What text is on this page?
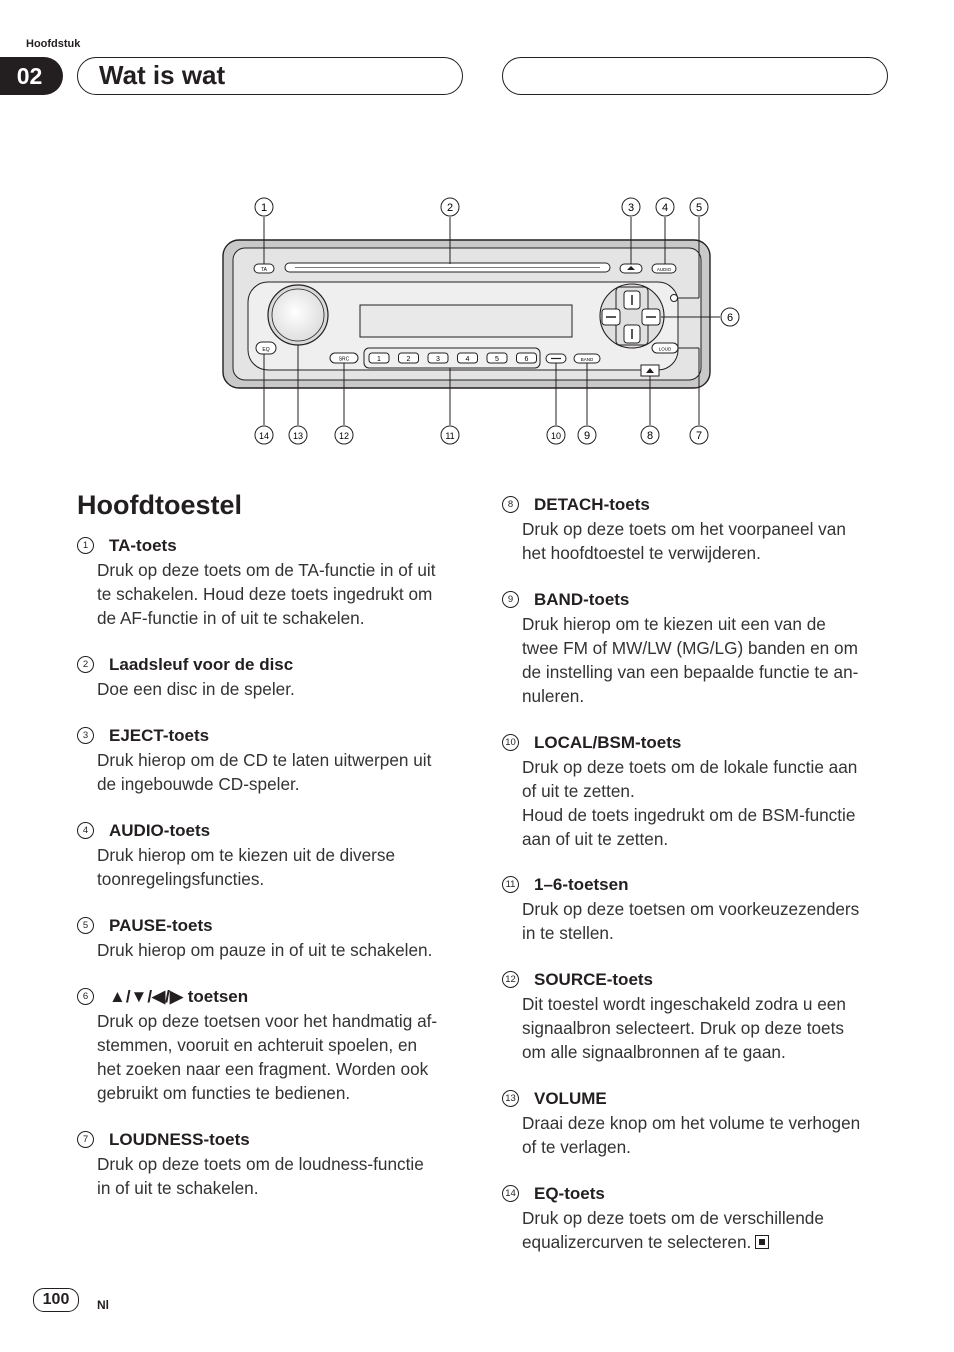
Hoofdstuk
02	Wat is wat
TA	AUDIO
EQ
SRC	1	2	3	4	5	6	BAND
LOUD
1	2	3	4	5
6
7
8
9
10
11
12
13
14
Hoofdtoestel
1	TA-toets
Druk op deze toets om de TA-functie in of uit
te schakelen. Houd deze toets ingedrukt om
de AF-functie in of uit te schakelen.
2	Laadsleuf voor de disc
Doe een disc in de speler.
3	EJECT-toets
Druk hierop om de CD te laten uitwerpen uit
de ingebouwde CD-speler.
4	AUDIO-toets
Druk hierop om te kiezen uit de diverse
toonregelingsfuncties.
5	PAUSE-toets
Druk hierop om pauze in of uit te schakelen.
6	▲/▼/◀/▶ toetsen
Druk op deze toetsen voor het handmatig af-
stemmen, vooruit en achteruit spoelen, en
het zoeken naar een fragment. Worden ook
gebruikt om functies te bedienen.
7	LOUDNESS-toets
Druk op deze toets om de loudness-functie
in of uit te schakelen.
8	DETACH-toets
Druk op deze toets om het voorpaneel van
het hoofdtoestel te verwijderen.
9	BAND-toets
Druk hierop om te kiezen uit een van de
twee FM of MW/LW (MG/LG) banden en om
de instelling van een bepaalde functie te an-
nuleren.
10 LOCAL/BSM-toets
Druk op deze toets om de lokale functie aan
of uit te zetten.
Houd de toets ingedrukt om de BSM-functie
aan of uit te zetten.
11 1–6-toetsen
Druk op deze toetsen om voorkeuzezenders
in te stellen.
12 SOURCE-toets
Dit toestel wordt ingeschakeld zodra u een
signaalbron selecteert. Druk op deze toets
om alle signaalbronnen af te gaan.
13 VOLUME
Draai deze knop om het volume te verhogen
of te verlagen.
14 EQ-toets
Druk op deze toets om de verschillende
equalizercurven te selecteren.
100	Nl
